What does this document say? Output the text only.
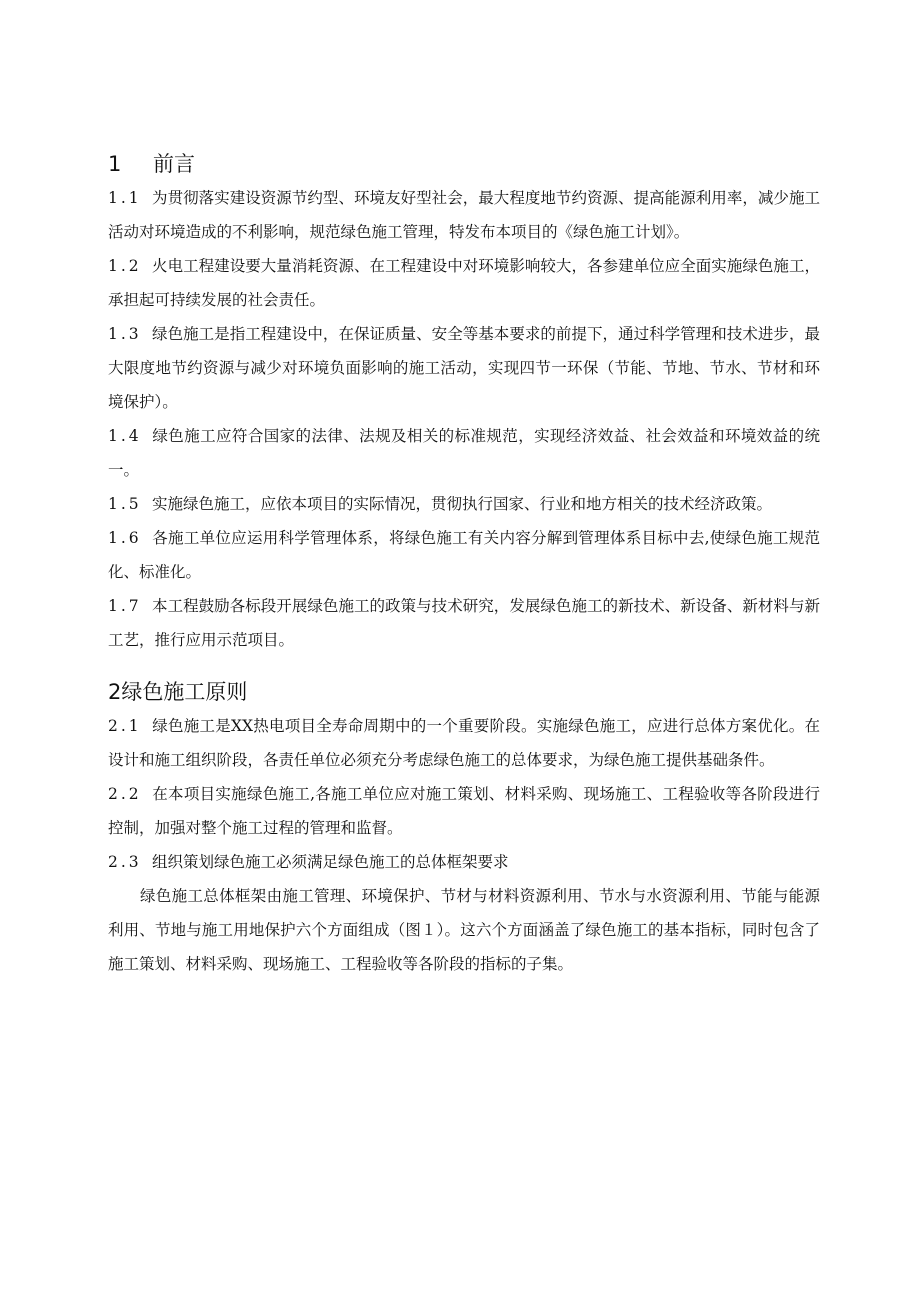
1 前言
1.1 为贯彻落实建设资源节约型、环境友好型社会，最大程度地节约资源、提高能源利用率，减少施工活动对环境造成的不利影响，规范绿色施工管理，特发布本项目的《绿色施工计划》。
1.2 火电工程建设要大量消耗资源、在工程建设中对环境影响较大，各参建单位应全面实施绿色施工，承担起可持续发展的社会责任。
1.3 绿色施工是指工程建设中，在保证质量、安全等基本要求的前提下，通过科学管理和技术进步，最大限度地节约资源与减少对环境负面影响的施工活动，实现四节一环保（节能、节地、节水、节材和环境保护）。
1.4 绿色施工应符合国家的法律、法规及相关的标准规范，实现经济效益、社会效益和环境效益的统一。
1.5 实施绿色施工，应依本项目的实际情况，贯彻执行国家、行业和地方相关的技术经济政策。
1.6 各施工单位应运用科学管理体系，将绿色施工有关内容分解到管理体系目标中去,使绿色施工规范化、标准化。
1.7 本工程鼓励各标段开展绿色施工的政策与技术研究，发展绿色施工的新技术、新设备、新材料与新工艺，推行应用示范项目。
2绿色施工原则
2.1 绿色施工是XX热电项目全寿命周期中的一个重要阶段。实施绿色施工，应进行总体方案优化。在设计和施工组织阶段，各责任单位必须充分考虑绿色施工的总体要求，为绿色施工提供基础条件。
2.2 在本项目实施绿色施工,各施工单位应对施工策划、材料采购、现场施工、工程验收等各阶段进行控制，加强对整个施工过程的管理和监督。
2.3 组织策划绿色施工必须满足绿色施工的总体框架要求
绿色施工总体框架由施工管理、环境保护、节材与材料资源利用、节水与水资源利用、节能与能源利用、节地与施工用地保护六个方面组成（图１）。这六个方面涵盖了绿色施工的基本指标，同时包含了施工策划、材料采购、现场施工、工程验收等各阶段的指标的子集。
